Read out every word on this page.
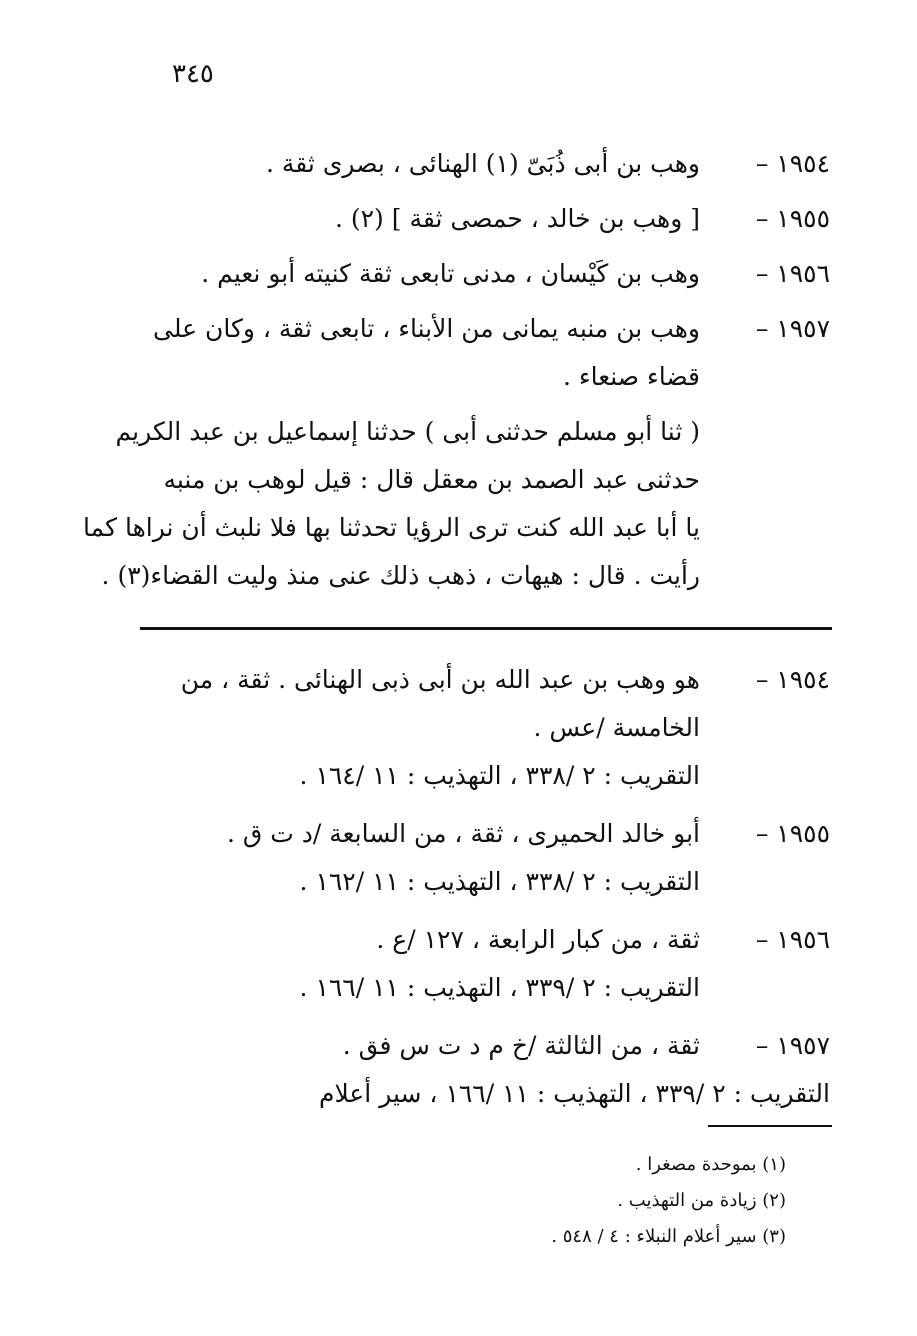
٣٤٥
١٩٥٤ –
وهب بن أبى ذُبَىّ (١) الهنائى ، بصرى ثقة .
١٩٥٥ –
[ وهب بن خالد ، حمصى ثقة ] (٢) .
١٩٥٦ –
وهب بن كَيْسان ، مدنى تابعى ثقة كنيته أبو نعيم .
١٩٥٧ –
وهب بن منبه يمانى من الأبناء ، تابعى ثقة ، وكان على قضاء صنعاء .
( ثنا أبو مسلم حدثنى أبى ) حدثنا إسماعيل بن عبد الكريم
حدثنى عبد الصمد بن معقل قال : قيل لوهب بن منبه
يا أبا عبد الله كنت ترى الرؤيا تحدثنا بها فلا نلبث أن نراها كما
رأيت . قال : هيهات ، ذهب ذلك عنى منذ وليت القضاء(٣) .
١٩٥٤ –
هو وهب بن عبد الله بن أبى ذبى الهنائى . ثقة ، من الخامسة /عس .
التقريب : ٢ /٣٣٨ ، التهذيب : ١١ /١٦٤ .
١٩٥٥ –
أبو خالد الحميرى ، ثقة ، من السابعة /د ت ق .
التقريب : ٢ /٣٣٨ ، التهذيب : ١١ /١٦٢ .
١٩٥٦ –
ثقة ، من كبار الرابعة ، ١٢٧ /ع .
التقريب : ٢ /٣٣٩ ، التهذيب : ١١ /١٦٦ .
١٩٥٧ –
ثقة ، من الثالثة /خ م د ت س فق .
التقريب : ٢ /٣٣٩ ، التهذيب : ١١ /١٦٦ ، سير أعلام
(١) بموحدة مصغرا .
(٢) زيادة من التهذيب .
(٣) سير أعلام النبلاء : ٤ / ٥٤٨ .
